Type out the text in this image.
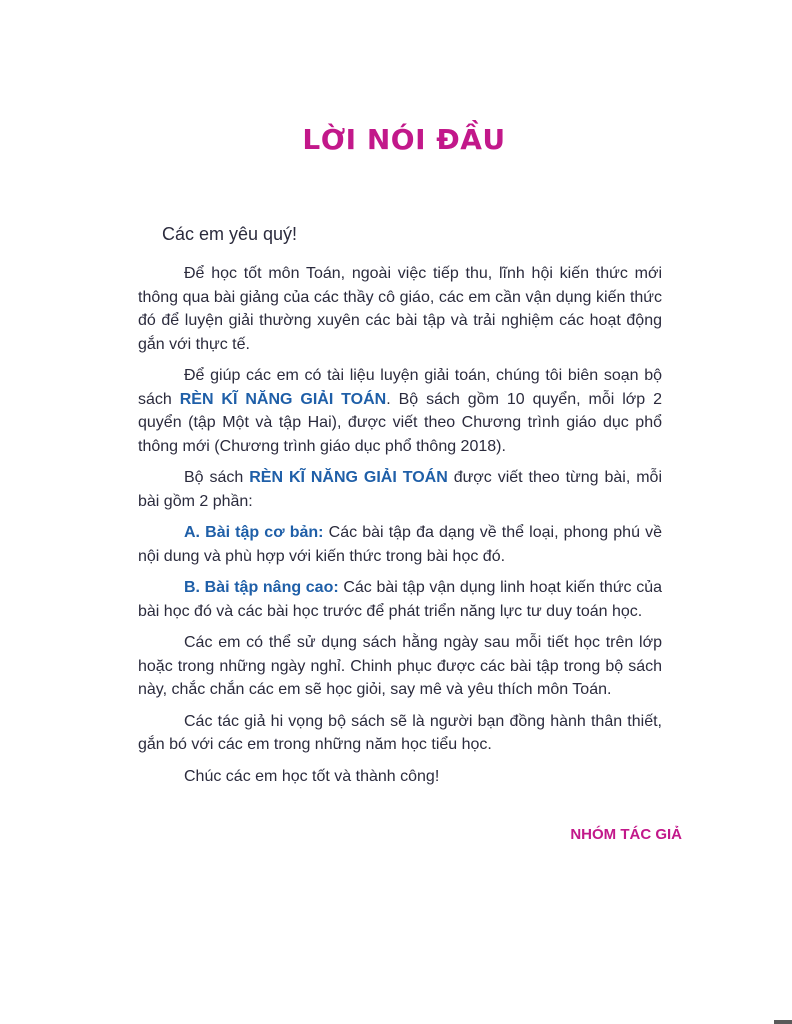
LỜI NÓI ĐẦU

Các em yêu quý!

Để học tốt môn Toán, ngoài việc tiếp thu, lĩnh hội kiến thức mới thông qua bài giảng của các thầy cô giáo, các em cần vận dụng kiến thức đó để luyện giải thường xuyên các bài tập và trải nghiệm các hoạt động gắn với thực tế.

Để giúp các em có tài liệu luyện giải toán, chúng tôi biên soạn bộ sách RÈN KĨ NĂNG GIẢI TOÁN. Bộ sách gồm 10 quyển, mỗi lớp 2 quyển (tập Một và tập Hai), được viết theo Chương trình giáo dục phổ thông mới (Chương trình giáo dục phổ thông 2018).

Bộ sách RÈN KĨ NĂNG GIẢI TOÁN được viết theo từng bài, mỗi bài gồm 2 phần:

A. Bài tập cơ bản: Các bài tập đa dạng về thể loại, phong phú về nội dung và phù hợp với kiến thức trong bài học đó.

B. Bài tập nâng cao: Các bài tập vận dụng linh hoạt kiến thức của bài học đó và các bài học trước để phát triển năng lực tư duy toán học.

Các em có thể sử dụng sách hằng ngày sau mỗi tiết học trên lớp hoặc trong những ngày nghỉ. Chinh phục được các bài tập trong bộ sách này, chắc chắn các em sẽ học giỏi, say mê và yêu thích môn Toán.

Các tác giả hi vọng bộ sách sẽ là người bạn đồng hành thân thiết, gắn bó với các em trong những năm học tiểu học.

Chúc các em học tốt và thành công!

NHÓM TÁC GIẢ
